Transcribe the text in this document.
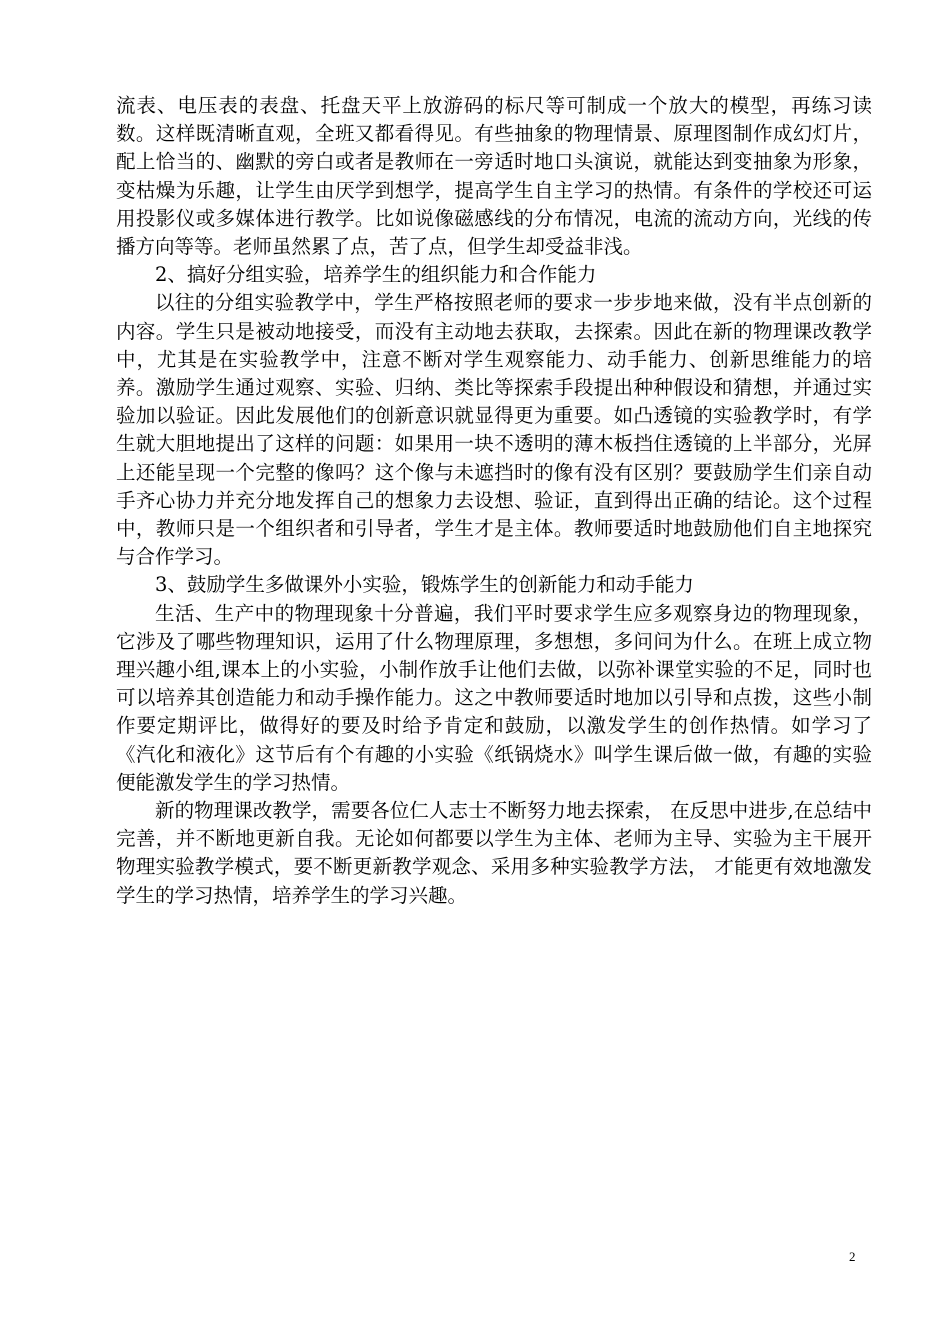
流表、电压表的表盘、托盘天平上放游码的标尺等可制成一个放大的模型，再练习读数。这样既清晰直观，全班又都看得见。有些抽象的物理情景、原理图制作成幻灯片，配上恰当的、幽默的旁白或者是教师在一旁适时地口头演说，就能达到变抽象为形象，变枯燥为乐趣，让学生由厌学到想学，提高学生自主学习的热情。有条件的学校还可运用投影仪或多媒体进行教学。比如说像磁感线的分布情况，电流的流动方向，光线的传播方向等等。老师虽然累了点，苦了点，但学生却受益非浅。

2、搞好分组实验，培养学生的组织能力和合作能力

以往的分组实验教学中，学生严格按照老师的要求一步步地来做，没有半点创新的内容。学生只是被动地接受，而没有主动地去获取，去探索。因此在新的物理课改教学中，尤其是在实验教学中，注意不断对学生观察能力、动手能力、创新思维能力的培养。激励学生通过观察、实验、归纳、类比等探索手段提出种种假设和猜想，并通过实验加以验证。因此发展他们的创新意识就显得更为重要。如凸透镜的实验教学时，有学生就大胆地提出了这样的问题：如果用一块不透明的薄木板挡住透镜的上半部分，光屏上还能呈现一个完整的像吗？这个像与未遮挡时的像有没有区别？要鼓励学生们亲自动手齐心协力并充分地发挥自己的想象力去设想、验证，直到得出正确的结论。这个过程中，教师只是一个组织者和引导者，学生才是主体。教师要适时地鼓励他们自主地探究与合作学习。

3、鼓励学生多做课外小实验，锻炼学生的创新能力和动手能力

生活、生产中的物理现象十分普遍，我们平时要求学生应多观察身边的物理现象，它涉及了哪些物理知识，运用了什么物理原理，多想想，多问问为什么。在班上成立物理兴趣小组,课本上的小实验，小制作放手让他们去做，以弥补课堂实验的不足，同时也可以培养其创造能力和动手操作能力。这之中教师要适时地加以引导和点拨，这些小制作要定期评比，做得好的要及时给予肯定和鼓励，以激发学生的创作热情。如学习了《汽化和液化》这节后有个有趣的小实验《纸锅烧水》叫学生课后做一做，有趣的实验便能激发学生的学习热情。

新的物理课改教学，需要各位仁人志士不断努力地去探索， 在反思中进步,在总结中完善，并不断地更新自我。无论如何都要以学生为主体、老师为主导、实验为主干展开物理实验教学模式，要不断更新教学观念、采用多种实验教学方法， 才能更有效地激发学生的学习热情，培养学生的学习兴趣。

2
